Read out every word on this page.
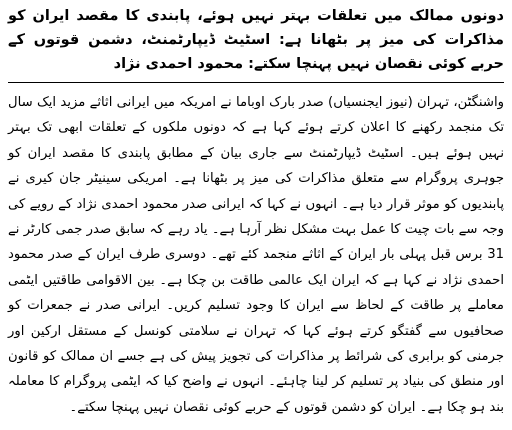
دونوں ممالک میں تعلقات بہتر نہیں ہوئے، پابندی کا مقصد ایران کو مذاکرات کی میز پر بٹھانا ہے: اسٹیٹ ڈیپارٹمنٹ، دشمن قوتوں کے حربے کوئی نقصان نہیں پہنچا سکتے: محمود احمدی نژاد

واشنگٹن، تہران (نیوز ایجنسیاں) صدر بارک اوباما نے امریکہ میں ایرانی اثاثے مزید ایک سال تک منجمد رکھنے کا اعلان کرتے ہوئے کہا ہے کہ دونوں ملکوں کے تعلقات ابھی تک بہتر نہیں ہوئے ہیں۔ اسٹیٹ ڈیپارٹمنٹ سے جاری بیان کے مطابق پابندی کا مقصد ایران کو جوہری پروگرام سے متعلق مذاکرات کی میز پر بٹھانا ہے۔ امریکی سینیٹر جان کیری نے پابندیوں کو موثر قرار دیا ہے۔ انہوں نے کہا کہ ایرانی صدر محمود احمدی نژاد کے رویے کی وجہ سے بات چیت کا عمل بہت مشکل نظر آرہا ہے۔ یاد رہے کہ سابق صدر جمی کارٹر نے 31 برس قبل پہلی بار ایران کے اثاثے منجمد کئے تھے۔ دوسری طرف ایران کے صدر محمود احمدی نژاد نے کہا ہے کہ ایران ایک عالمی طاقت بن چکا ہے۔ بین الاقوامی طاقتیں ایٹمی معاملے پر طاقت کے لحاظ سے ایران کا وجود تسلیم کریں۔ ایرانی صدر نے جمعرات کو صحافیوں سے گفتگو کرتے ہوئے کہا کہ تہران نے سلامتی کونسل کے مستقل ارکین اور جرمنی کو برابری کی شرائط پر مذاکرات کی تجویز پیش کی ہے جسے ان ممالک کو قانون اور منطق کی بنیاد پر تسلیم کر لینا چاہئے۔ انہوں نے واضح کیا کہ ایٹمی پروگرام کا معاملہ بند ہو چکا ہے۔ ایران کو دشمن قوتوں کے حربے کوئی نقصان نہیں پہنچا سکتے۔
